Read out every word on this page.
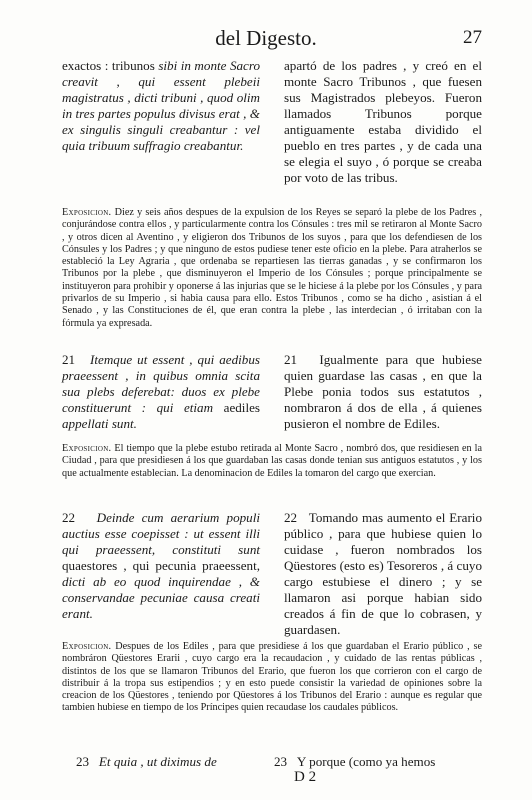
del Digesto.	27
exactos : tribunos sibi in monte Sacro creavit , qui essent plebeii magistratus , dicti tribuni , quod olim in tres partes populus divisus erat , & ex singulis singuli creabantur : vel quia tribuum suffragio creabantur.
apartó de los padres , y creó en el monte Sacro Tribunos , que fuesen sus Magistrados plebeyos. Fueron llamados Tribunos porque antiguamente estaba dividido el pueblo en tres partes , y de cada una se elegia el suyo , ó porque se creaba por voto de las tribus.
Exposicion. Diez y seis años despues de la expulsion de los Reyes se separó la plebe de los Padres , conjurándose contra ellos , y particularmente contra los Cónsules : tres mil se retiraron al Monte Sacro , y otros dicen al Aventino , y eligieron dos Tribunos de los suyos , para que los defendiesen de los Cónsules y los Padres ; y que ninguno de estos pudiese tener este oficio en la plebe. Para atraherlos se estableció la Ley Agraria , que ordenaba se repartiesen las tierras ganadas , y se confirmaron los Tribunos por la plebe , que disminuyeron el Imperio de los Cónsules ; porque principalmente se instituyeron para prohibir y oponerse á las injurias que se le hiciese á la plebe por los Cónsules , y para privarlos de su Imperio , si habia causa para ello. Estos Tribunos , como se ha dicho , asistian á el Senado , y las Constituciones de él, que eran contra la plebe , las interdecian , ó irritaban con la fórmula ya expresada.
21 Itemque ut essent , qui aedibus praeessent , in quibus omnia scita sua plebs deferebat: duos ex plebe constituerunt : qui etiam aediles appellati sunt.
21 Igualmente para que hubiese quien guardase las casas , en que la Plebe ponia todos sus estatutos , nombraron á dos de ella , á quienes pusieron el nombre de Ediles.
Exposicion. El tiempo que la plebe estubo retirada al Monte Sacro , nombró dos, que residiesen en la Ciudad , para que presidiesen á los que guardaban las casas donde tenian sus antiguos estatutos , y los que actualmente establecian. La denominacion de Ediles la tomaron del cargo que exercian.
22 Deinde cum aerarium populi auctius esse coepisset : ut essent illi qui praeessent, constituti sunt quaestores , qui pecunia praeessent, dicti ab eo quod inquirendae , & conservandae pecuniae causa creati erant.
22 Tomando mas aumento el Erario público , para que hubiese quien lo cuidase , fueron nombrados los Qüestores (esto es) Tesoreros , á cuyo cargo estubiese el dinero ; y se llamaron asi porque habian sido creados á fin de que lo cobrasen, y guardasen.
Exposicion. Despues de los Ediles , para que presidiese á los que guardaban el Erario público , se nombráron Qüestores Erarii , cuyo cargo era la recaudacion , y cuidado de las rentas públicas , distintos de los que se llamaron Tribunos del Erario, que fueron los que corrieron con el cargo de distribuir á la tropa sus estipendios ; y en esto puede consistir la variedad de opiniones sobre la creacion de los Qüestores , teniendo por Qüestores á los Tribunos del Erario : aunque es regular que tambien hubiese en tiempo de los Príncipes quien recaudase los caudales públicos.
23 Et quia , ut diximus de	23 Y porque (como ya hemos
D 2
